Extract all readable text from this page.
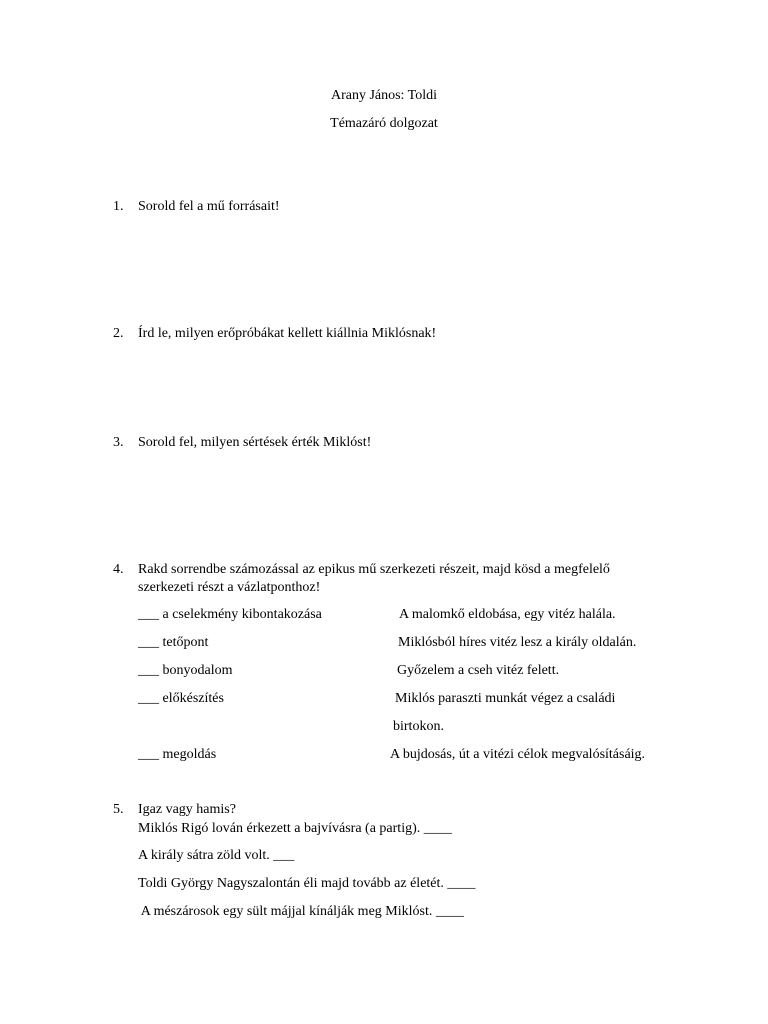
Arany János: Toldi
Témazáró dolgozat
1. Sorold fel a mű forrásait!
2. Írd le, milyen erőpróbákat kellett kiállnia Miklósnak!
3. Sorold fel, milyen sértések érték Miklóst!
4. Rakd sorrendbe számozással az epikus mű szerkezeti részeit, majd kösd a megfelelő
szerkezeti részt a vázlatponthoz!
___ a cselekmény kibontakozása	A malomkő eldobása, egy vitéz halála.
___ tetőpont	Miklósból híres vitéz lesz a király oldalán.
___ bonyodalom	Győzelem a cseh vitéz felett.
___ előkészítés	Miklós paraszti munkát végez a családi
birtokon.
___ megoldás	A bujdosás, út a vitézi célok megvalósításáig.
5. Igaz vagy hamis?
Miklós Rigó lován érkezett a bajvívásra (a partig). ____
A király sátra zöld volt. ___
Toldi György Nagyszalontán éli majd tovább az életét. ____
A mészárosok egy sült májjal kínálják meg Miklóst. ____
